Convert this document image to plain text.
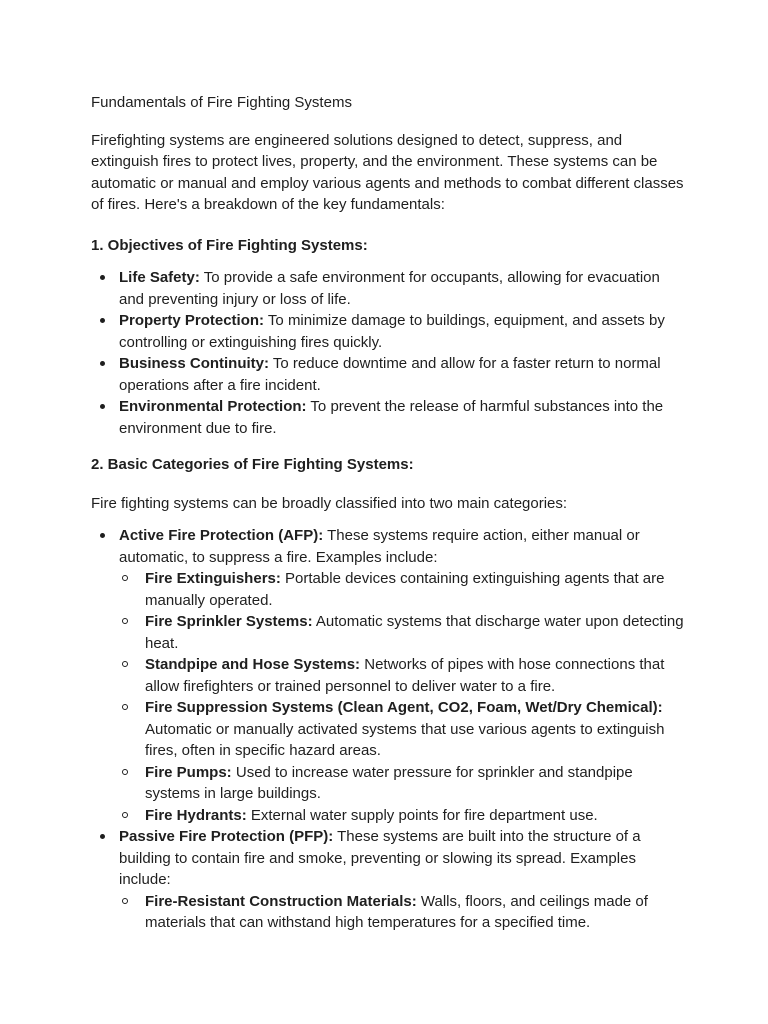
Fundamentals of Fire Fighting Systems

Firefighting systems are engineered solutions designed to detect, suppress, and extinguish fires to protect lives, property, and the environment. These systems can be automatic or manual and employ various agents and methods to combat different classes of fires. Here's a breakdown of the key fundamentals:

1. Objectives of Fire Fighting Systems:

Life Safety: To provide a safe environment for occupants, allowing for evacuation and preventing injury or loss of life.
Property Protection: To minimize damage to buildings, equipment, and assets by controlling or extinguishing fires quickly.
Business Continuity: To reduce downtime and allow for a faster return to normal operations after a fire incident.
Environmental Protection: To prevent the release of harmful substances into the environment due to fire.

2. Basic Categories of Fire Fighting Systems:

Fire fighting systems can be broadly classified into two main categories:

Active Fire Protection (AFP): These systems require action, either manual or automatic, to suppress a fire. Examples include:
Fire Extinguishers: Portable devices containing extinguishing agents that are manually operated.
Fire Sprinkler Systems: Automatic systems that discharge water upon detecting heat.
Standpipe and Hose Systems: Networks of pipes with hose connections that allow firefighters or trained personnel to deliver water to a fire.
Fire Suppression Systems (Clean Agent, CO2, Foam, Wet/Dry Chemical): Automatic or manually activated systems that use various agents to extinguish fires, often in specific hazard areas.
Fire Pumps: Used to increase water pressure for sprinkler and standpipe systems in large buildings.
Fire Hydrants: External water supply points for fire department use.
Passive Fire Protection (PFP): These systems are built into the structure of a building to contain fire and smoke, preventing or slowing its spread. Examples include:
Fire-Resistant Construction Materials: Walls, floors, and ceilings made of materials that can withstand high temperatures for a specified time.
